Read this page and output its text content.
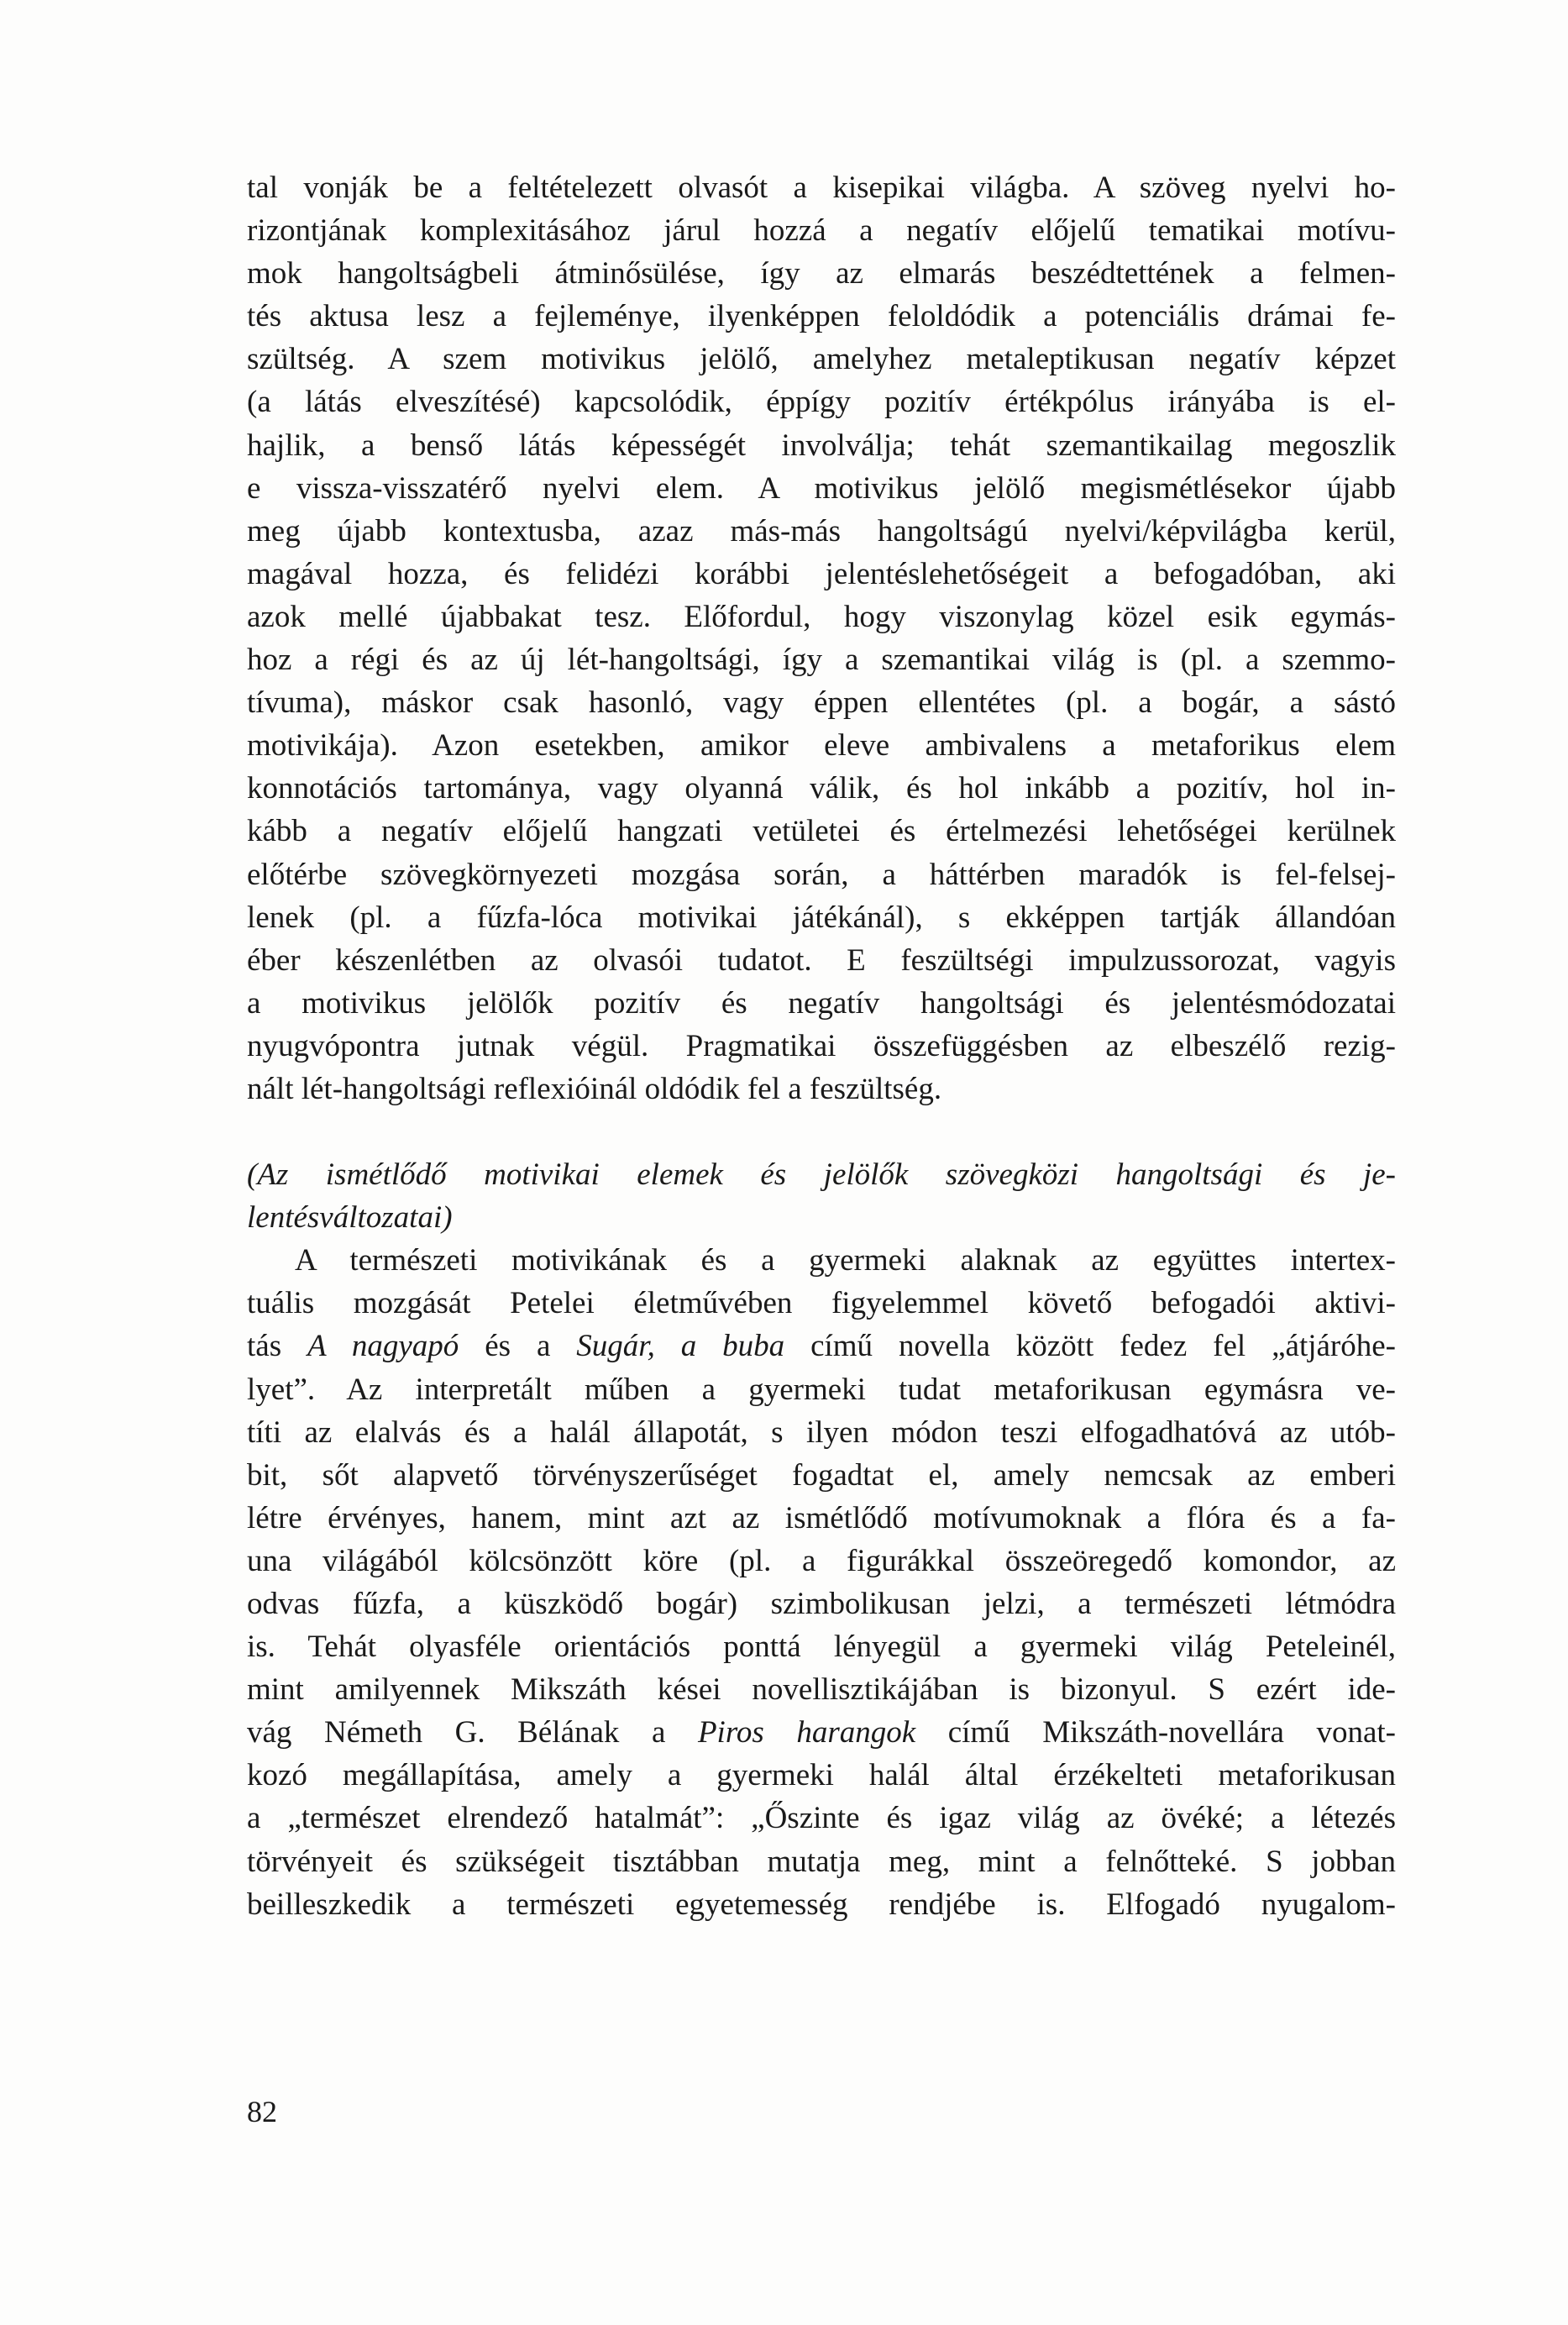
tal vonják be a feltételezett olvasót a kisepikai világba. A szöveg nyelvi ho-
rizontjának komplexitásához járul hozzá a negatív előjelű tematikai motívu-
mok hangoltságbeli átminősülése, így az elmarás beszédtettének a felmen-
tés aktusa lesz a fejleménye, ilyenképpen feloldódik a potenciális drámai fe-
szültség. A szem motivikus jelölő, amelyhez metaleptikusan negatív képzet
(a látás elveszítésé) kapcsolódik, éppígy pozitív értékpólus irányába is el-
hajlik, a benső látás képességét involválja; tehát szemantikailag megoszlik
e vissza-visszatérő nyelvi elem. A motivikus jelölő megismétlésekor újabb
meg újabb kontextusba, azaz más-más hangoltságú nyelvi/képvilágba kerül,
magával hozza, és felidézi korábbi jelentéslehetőségeit a befogadóban, aki
azok mellé újabbakat tesz. Előfordul, hogy viszonylag közel esik egymás-
hoz a régi és az új lét-hangoltsági, így a szemantikai világ is (pl. a szemmo-
tívuma), máskor csak hasonló, vagy éppen ellentétes (pl. a bogár, a sástó
motivikája). Azon esetekben, amikor eleve ambivalens a metaforikus elem
konnotációs tartománya, vagy olyanná válik, és hol inkább a pozitív, hol in-
kább a negatív előjelű hangzati vetületei és értelmezési lehetőségei kerülnek
előtérbe szövegkörnyezeti mozgása során, a háttérben maradók is fel-felsej-
lenek (pl. a fűzfa-lóca motivikai játékánál), s ekképpen tartják állandóan
éber készenlétben az olvasói tudatot. E feszültségi impulzussorozat, vagyis
a motivikus jelölők pozitív és negatív hangoltsági és jelentésmódozatai
nyugvópontra jutnak végül. Pragmatikai összefüggésben az elbeszélő rezig-
nált lét-hangoltsági reflexióinál oldódik fel a feszültség.
(Az ismétlődő motivikai elemek és jelölők szövegközi hangoltsági és je-
lentésváltozatai)
A természeti motivikának és a gyermeki alaknak az együttes intertex-
tuális mozgását Petelei életművében figyelemmel követő befogadói aktivi-
tás A nagyapó és a Sugár, a buba című novella között fedez fel „átjáróhe-
lyet”. Az interpretált műben a gyermeki tudat metaforikusan egymásra ve-
títi az elalvás és a halál állapotát, s ilyen módon teszi elfogadhatóvá az utób-
bit, sőt alapvető törvényszerűséget fogadtat el, amely nemcsak az emberi
létre érvényes, hanem, mint azt az ismétlődő motívumoknak a flóra és a fa-
una világából kölcsönzött köre (pl. a figurákkal összeöregedő komondor, az
odvas fűzfa, a küszködő bogár) szimbolikusan jelzi, a természeti létmódra
is. Tehát olyasféle orientációs ponttá lényegül a gyermeki világ Peteleinél,
mint amilyennek Mikszáth kései novellisztikájában is bizonyul. S ezért ide-
vág Németh G. Bélának a Piros harangok című Mikszáth-novellára vonat-
kozó megállapítása, amely a gyermeki halál által érzékelteti metaforikusan
a „természet elrendező hatalmát”: „Őszinte és igaz világ az övéké; a létezés
törvényeit és szükségeit tisztábban mutatja meg, mint a felnőtteké. S jobban
beilleszkedik a természeti egyetemesség rendjébe is. Elfogadó nyugalom-
82
